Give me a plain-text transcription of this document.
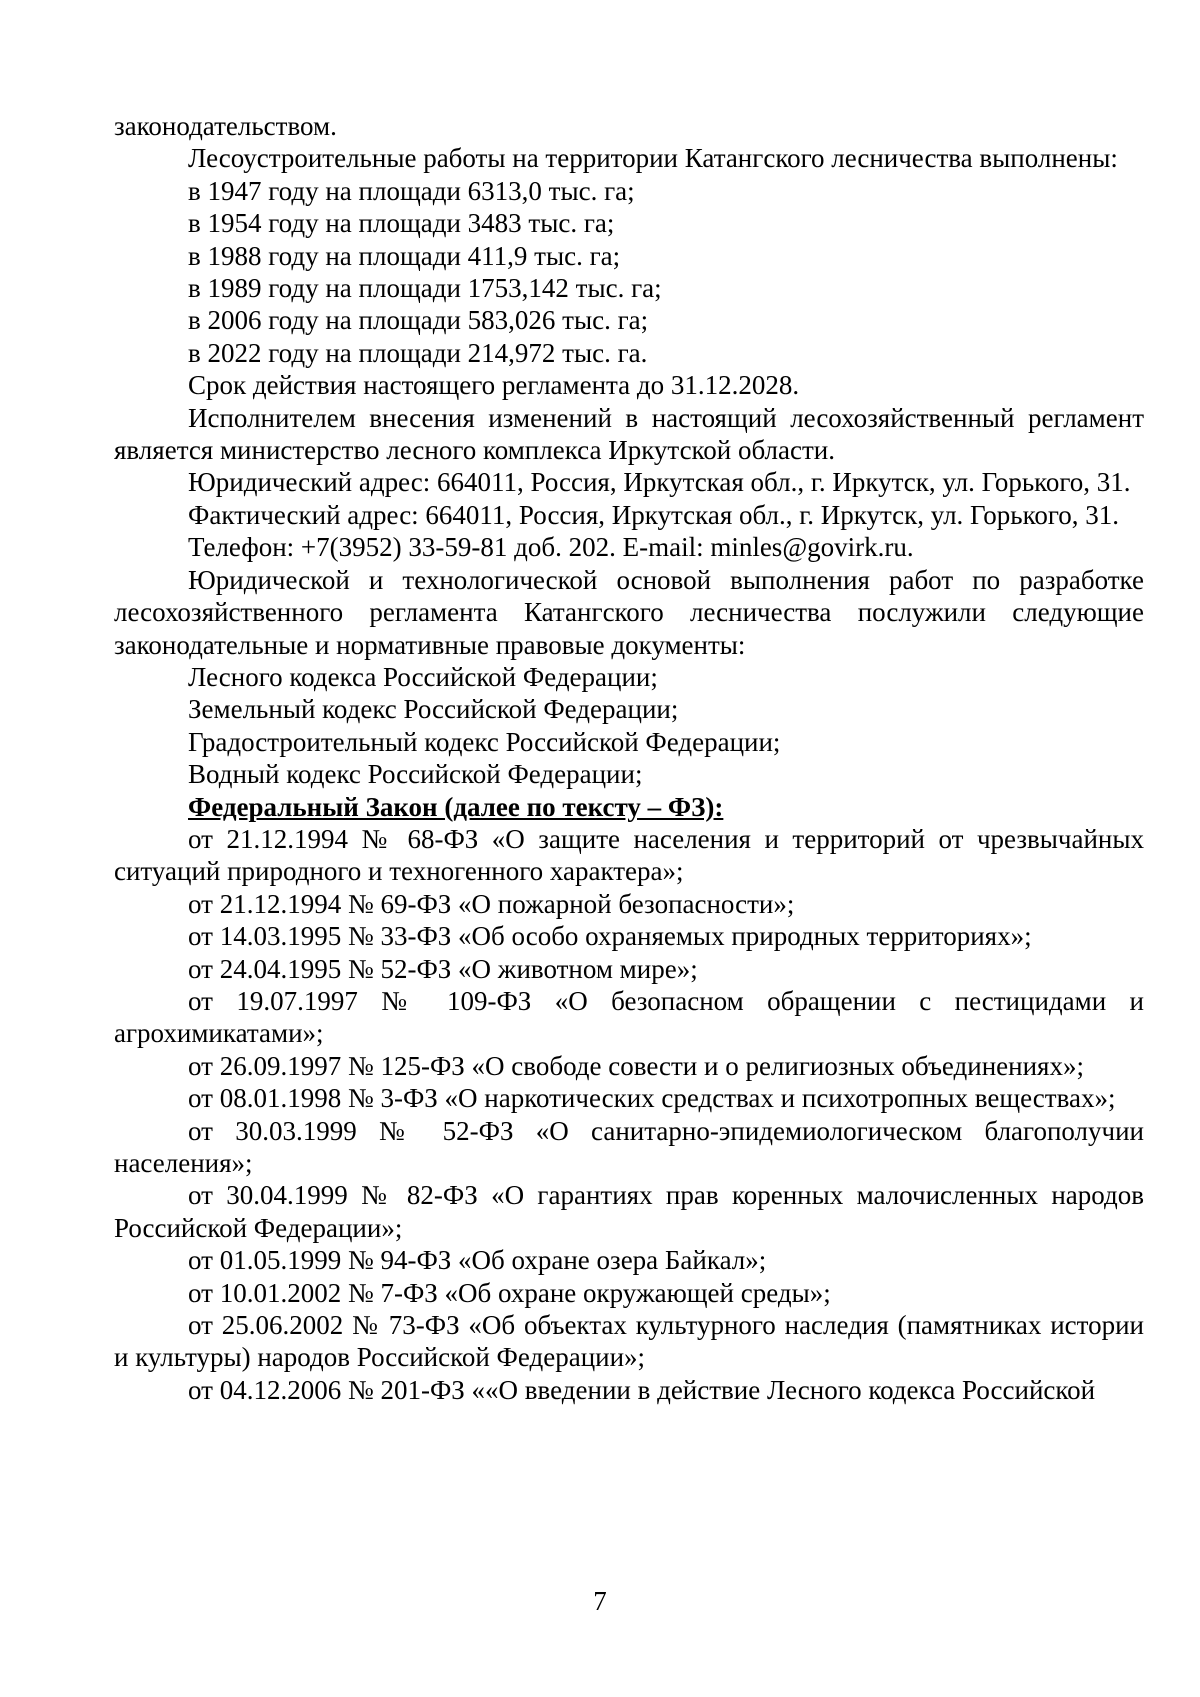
законодательством.

Лесоустроительные работы на территории Катангского лесничества выполнены:

в 1947 году на площади 6313,0 тыс. га;

в 1954 году на площади 3483 тыс. га;

в 1988 году на площади 411,9 тыс. га;

в 1989 году на площади 1753,142 тыс. га;

в 2006 году на площади 583,026 тыс. га;

в 2022 году на площади 214,972 тыс. га.

Срок действия настоящего регламента до 31.12.2028.

Исполнителем внесения изменений в настоящий лесохозяйственный регламент является министерство лесного комплекса Иркутской области.

Юридический адрес: 664011, Россия, Иркутская обл., г. Иркутск, ул. Горького, 31.

Фактический адрес: 664011, Россия, Иркутская обл., г. Иркутск, ул. Горького, 31.

Телефон: +7(3952) 33-59-81 доб. 202. E-mail: minles@govirk.ru.

Юридической и технологической основой выполнения работ по разработке лесохозяйственного регламента Катангского лесничества послужили следующие законодательные и нормативные правовые документы:

Лесного кодекса Российской Федерации;

Земельный кодекс Российской Федерации;

Градостроительный кодекс Российской Федерации;

Водный кодекс Российской Федерации;

Федеральный Закон (далее по тексту – ФЗ):

от 21.12.1994 № 68-ФЗ «О защите населения и территорий от чрезвычайных ситуаций природного и техногенного характера»;

от 21.12.1994 № 69-ФЗ «О пожарной безопасности»;

от 14.03.1995 № 33-ФЗ «Об особо охраняемых природных территориях»;

от 24.04.1995 № 52-ФЗ «О животном мире»;

от 19.07.1997 № 109-ФЗ «О безопасном обращении с пестицидами и агрохимикатами»;

от 26.09.1997 № 125-ФЗ «О свободе совести и о религиозных объединениях»;

от 08.01.1998 № 3-ФЗ «О наркотических средствах и психотропных веществах»;

от 30.03.1999 № 52-ФЗ «О санитарно-эпидемиологическом благополучии населения»;

от 30.04.1999 № 82-ФЗ «О гарантиях прав коренных малочисленных народов Российской Федерации»;

от 01.05.1999 № 94-ФЗ «Об охране озера Байкал»;

от 10.01.2002 № 7-ФЗ «Об охране окружающей среды»;

от 25.06.2002 № 73-ФЗ «Об объектах культурного наследия (памятниках истории и культуры) народов Российской Федерации»;

от 04.12.2006 № 201-ФЗ ««О введении в действие Лесного кодекса Российской

7
